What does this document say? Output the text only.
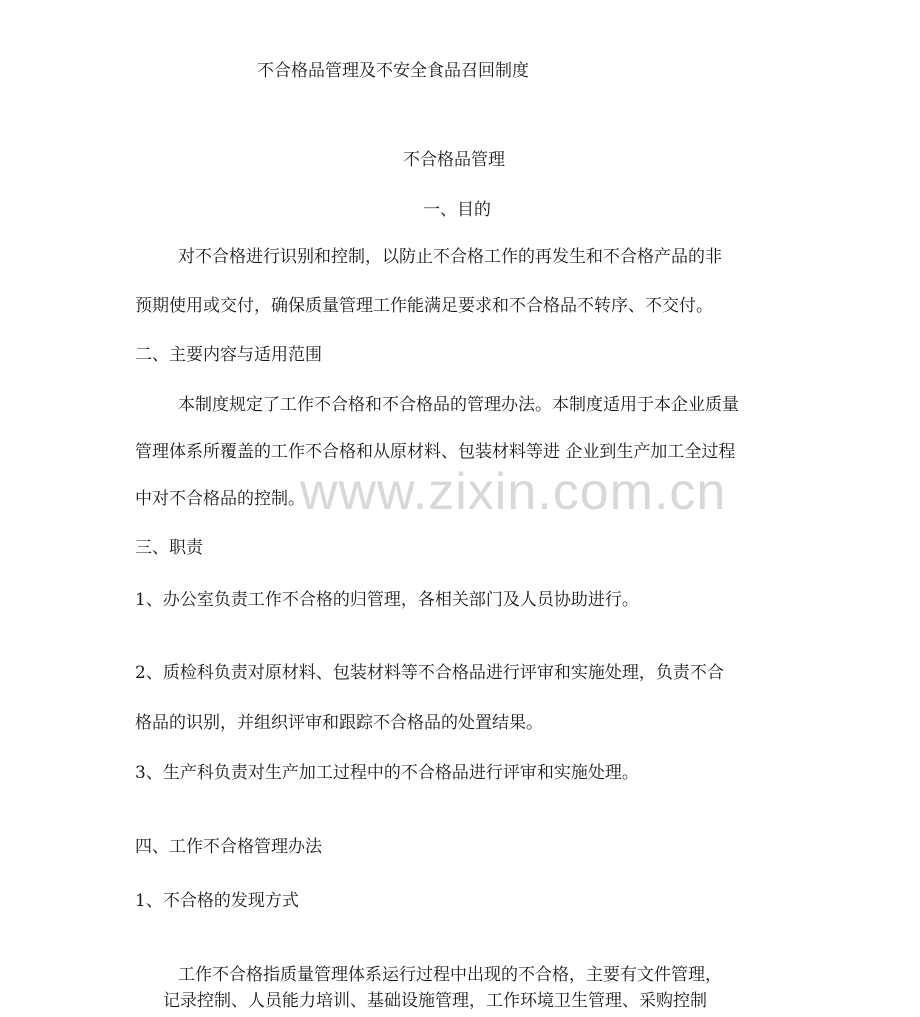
www.zixin.com.cn

不合格品管理及不安全食品召回制度

不合格品管理

一、目的

对不合格进行识别和控制，以防止不合格工作的再发生和不合格产品的非

预期使用或交付，确保质量管理工作能满足要求和不合格品不转序、不交付。

二、主要内容与适用范围

本制度规定了工作不合格和不合格品的管理办法。本制度适用于本企业质量

管理体系所覆盖的工作不合格和从原材料、包装材料等进 企业到生产加工全过程

中对不合格品的控制。

三、职责

1、办公室负责工作不合格的归管理，各相关部门及人员协助进行。

2、质检科负责对原材料、包装材料等不合格品进行评审和实施处理，负责不合

格品的识别，并组织评审和跟踪不合格品的处置结果。

3、生产科负责对生产加工过程中的不合格品进行评审和实施处理。

四、工作不合格管理办法

1、不合格的发现方式

工作不合格指质量管理体系运行过程中出现的不合格，主要有文件管理，

记录控制、人员能力培训、基础设施管理，工作环境卫生管理、采购控制
